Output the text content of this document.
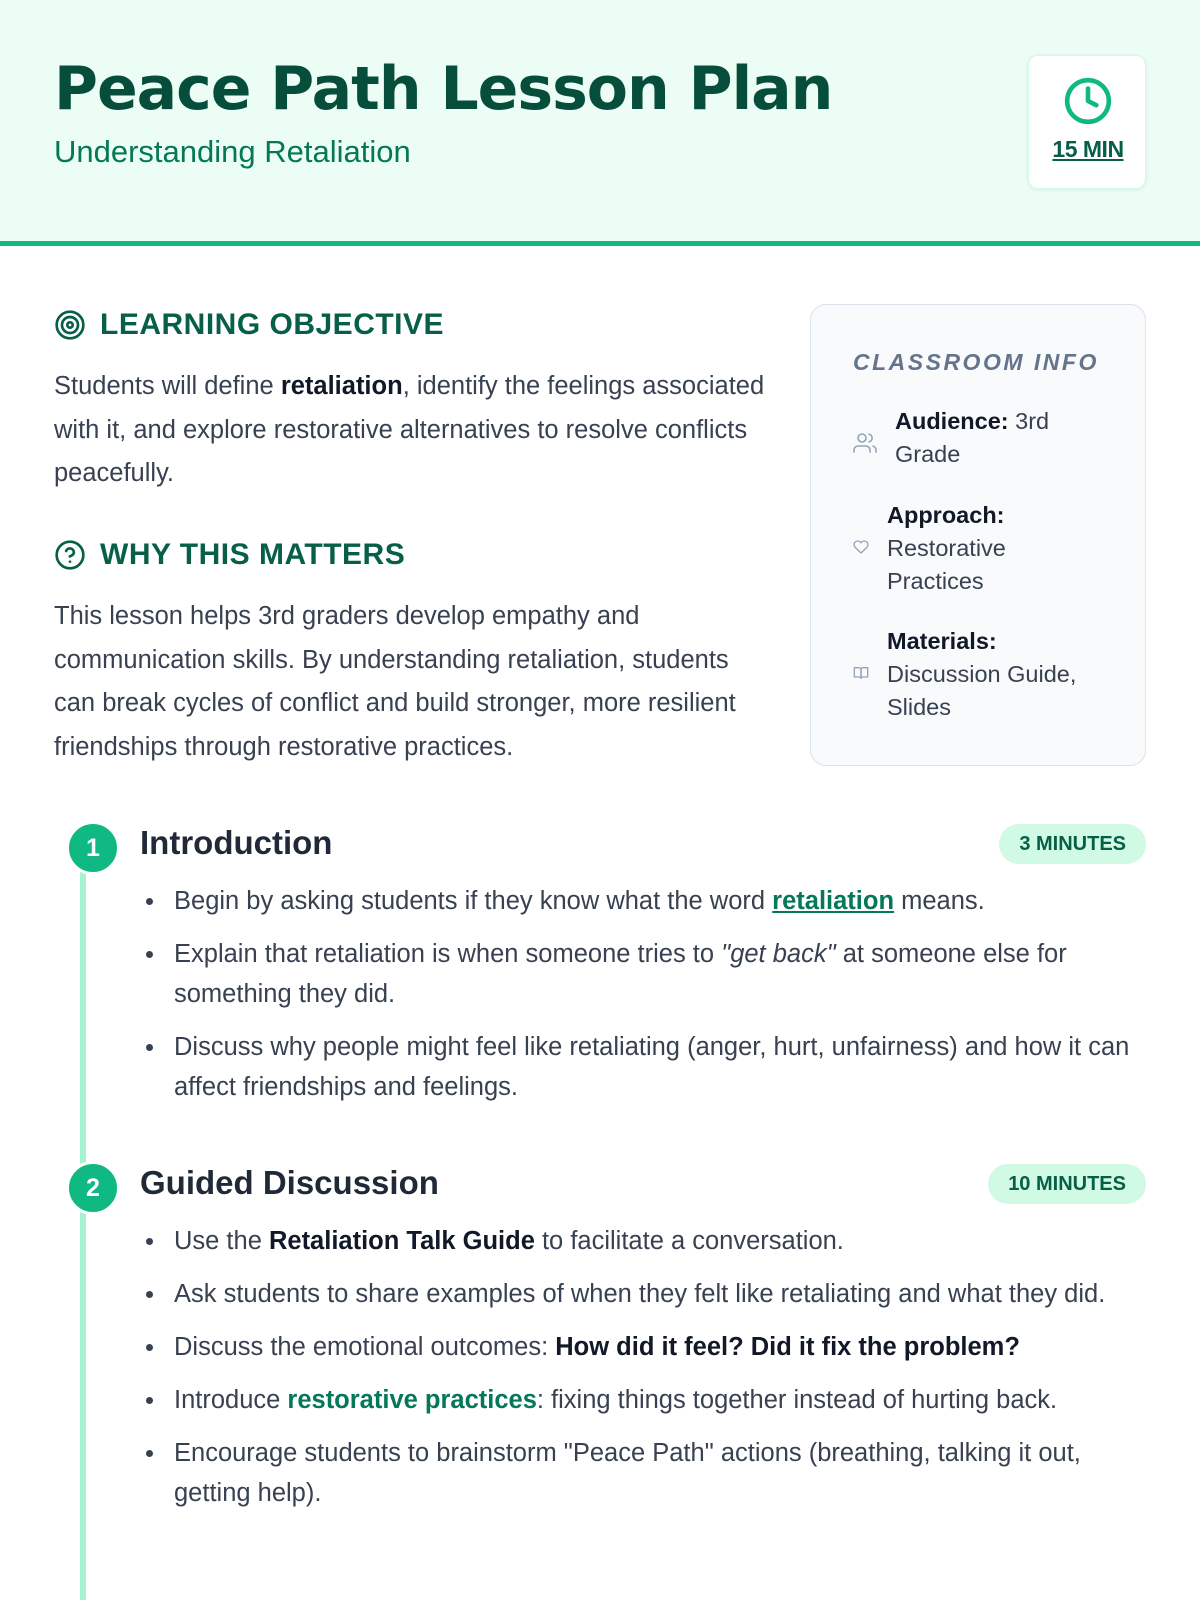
Peace Path Lesson Plan
Understanding Retaliation	15 MIN
LEARNING OBJECTIVE

Students will define retaliation, identify the feelings associated with it, and explore restorative alternatives to resolve conflicts peacefully.

WHY THIS MATTERS

This lesson helps 3rd graders develop empathy and communication skills. By understanding retaliation, students can break cycles of conflict and build stronger, more resilient friendships through restorative practices.

CLASSROOM INFO
Audience: 3rd Grade
Approach:
Restorative Practices
Materials:
Discussion Guide, Slides
1	Introduction	3 MINUTES
Begin by asking students if they know what the word retaliation means.
Explain that retaliation is when someone tries to "get back" at someone else for something they did.
Discuss why people might feel like retaliating (anger, hurt, unfairness) and how it can affect friendships and feelings.
2	Guided Discussion	10 MINUTES
Use the Retaliation Talk Guide to facilitate a conversation.
Ask students to share examples of when they felt like retaliating and what they did.
Discuss the emotional outcomes: How did it feel? Did it fix the problem?
Introduce restorative practices: fixing things together instead of hurting back.
Encourage students to brainstorm "Peace Path" actions (breathing, talking it out, getting help).
